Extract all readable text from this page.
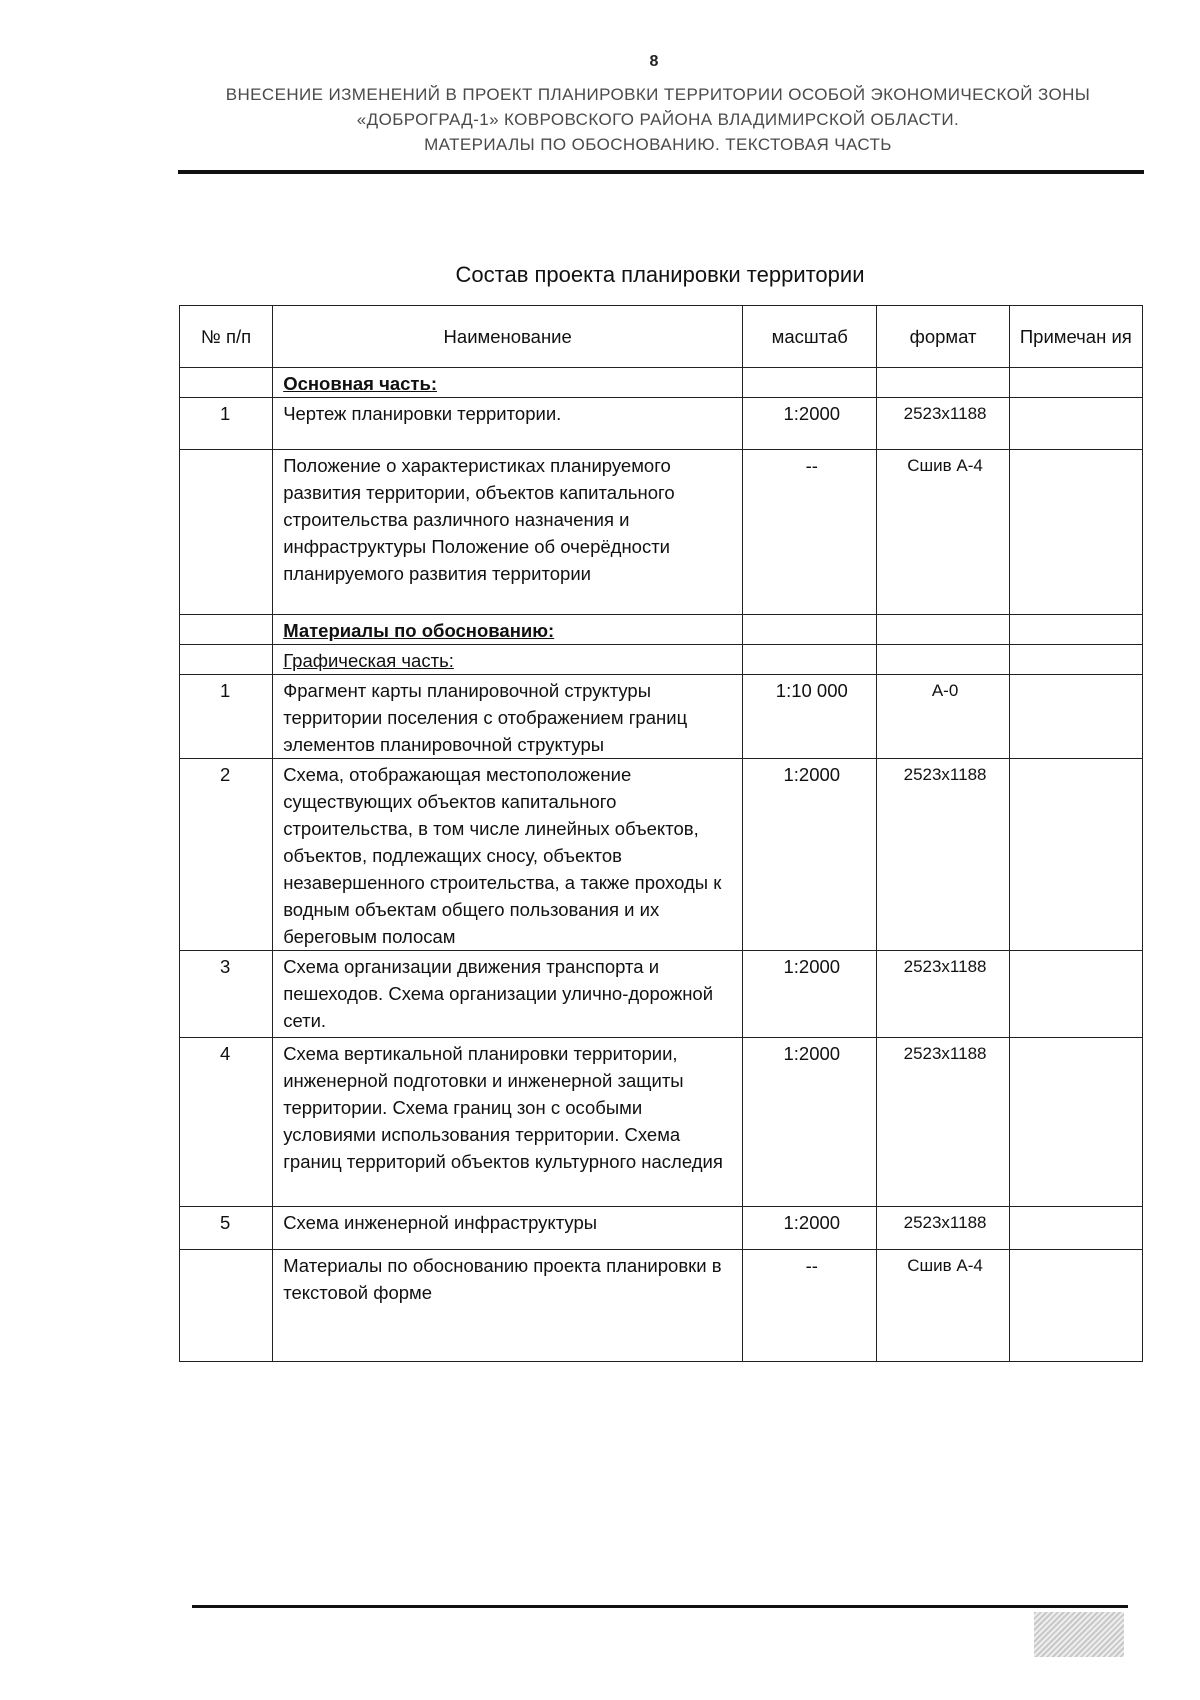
8
ВНЕСЕНИЕ ИЗМЕНЕНИЙ В ПРОЕКТ ПЛАНИРОВКИ ТЕРРИТОРИИ ОСОБОЙ ЭКОНОМИЧЕСКОЙ ЗОНЫ
«ДОБРОГРАД-1» КОВРОВСКОГО РАЙОНА ВЛАДИМИРСКОЙ ОБЛАСТИ.
МАТЕРИАЛЫ ПО ОБОСНОВАНИЮ. ТЕКСТОВАЯ ЧАСТЬ
Состав проекта планировки территории
№ п/п	Наименование	масштаб	формат	Примечан ия
	Основная часть:			
1	Чертеж планировки территории.	1:2000	2523x1188	
	Положение о характеристиках планируемого развития территории, объектов капитального строительства различного назначения и инфраструктуры Положение об очерёдности планируемого развития территории	--	Сшив А-4	
	Материалы по обоснованию:			
	Графическая часть:			
1	Фрагмент карты планировочной структуры территории поселения с отображением границ элементов планировочной структуры	1:10 000	А-0	
2	Схема, отображающая местоположение существующих объектов капитального строительства, в том числе линейных объектов, объектов, подлежащих сносу, объектов незавершенного строительства, а также проходы к водным объектам общего пользования и их береговым полосам	1:2000	2523x1188	
3	Схема организации движения транспорта и пешеходов. Схема организации улично-дорожной сети.	1:2000	2523x1188	
4	Схема вертикальной планировки территории, инженерной подготовки и инженерной защиты территории. Схема границ зон с особыми условиями использования территории. Схема границ территорий объектов культурного наследия	1:2000	2523x1188	
5	Схема инженерной инфраструктуры	1:2000	2523x1188	
	Материалы по обоснованию проекта планировки в текстовой форме	--	Сшив А-4	
